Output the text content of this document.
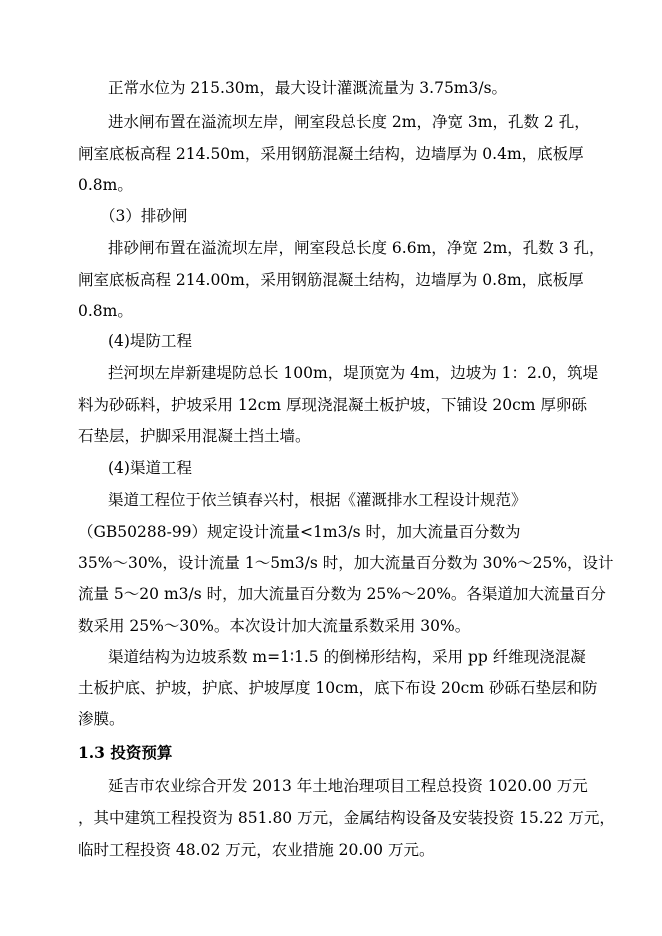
正常水位为 215.30m，最大设计灌溉流量为 3.75m3/s。
进水闸布置在溢流坝左岸，闸室段总长度 2m，净宽 3m，孔数 2 孔，
闸室底板高程 214.50m，采用钢筋混凝土结构，边墙厚为 0.4m，底板厚
0.8m。
（3）排砂闸
排砂闸布置在溢流坝左岸，闸室段总长度 6.6m，净宽 2m，孔数 3 孔，
闸室底板高程 214.00m，采用钢筋混凝土结构，边墙厚为 0.8m，底板厚
0.8m。
(4)堤防工程
拦河坝左岸新建堤防总长 100m，堤顶宽为 4m，边坡为 1：2.0，筑堤
料为砂砾料，护坡采用 12cm 厚现浇混凝土板护坡，下铺设 20cm 厚卵砾
石垫层，护脚采用混凝土挡土墙。
(4)渠道工程
渠道工程位于依兰镇春兴村，根据《灌溉排水工程设计规范》
（GB50288-99）规定设计流量<1m3/s 时，加大流量百分数为
35%～30%，设计流量 1～5m3/s 时，加大流量百分数为 30%～25%，设计
流量 5～20 m3/s 时，加大流量百分数为 25%～20%。各渠道加大流量百分
数采用 25%～30%。本次设计加大流量系数采用 30%。
渠道结构为边坡系数 m=1∶1.5 的倒梯形结构，采用 pp 纤维现浇混凝
土板护底、护坡，护底、护坡厚度 10cm，底下布设 20cm 砂砾石垫层和防
渗膜。
1.3 投资预算
延吉市农业综合开发 2013 年土地治理项目工程总投资 1020.00 万元
，其中建筑工程投资为 851.80 万元，金属结构设备及安装投资 15.22 万元，
临时工程投资 48.02 万元，农业措施 20.00 万元。
